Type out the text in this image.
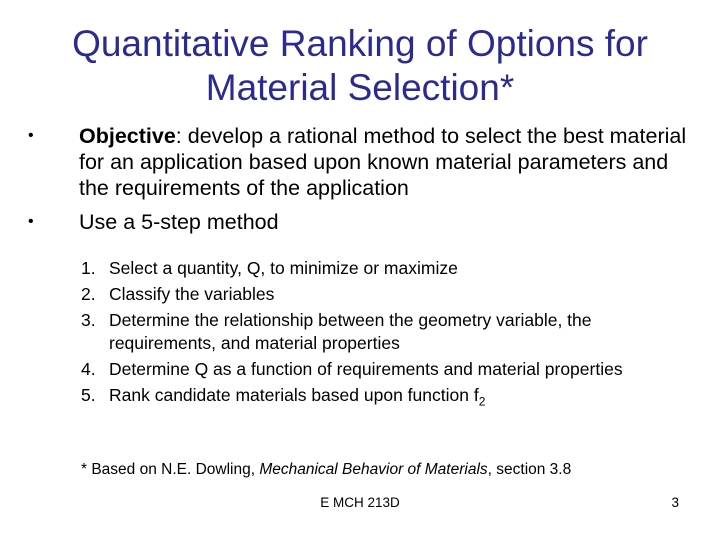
Quantitative Ranking of Options for
Material Selection*
• Objective: develop a rational method to select the best material for an application based upon known material parameters and the requirements of the application
• Use a 5-step method
1. Select a quantity, Q, to minimize or maximize
2. Classify the variables
3. Determine the relationship between the geometry variable, the requirements, and material properties
4. Determine Q as a function of requirements and material properties
5. Rank candidate materials based upon function $f_2$
* Based on N.E. Dowling, Mechanical Behavior of Materials, section 3.8
E MCH 213D	3
